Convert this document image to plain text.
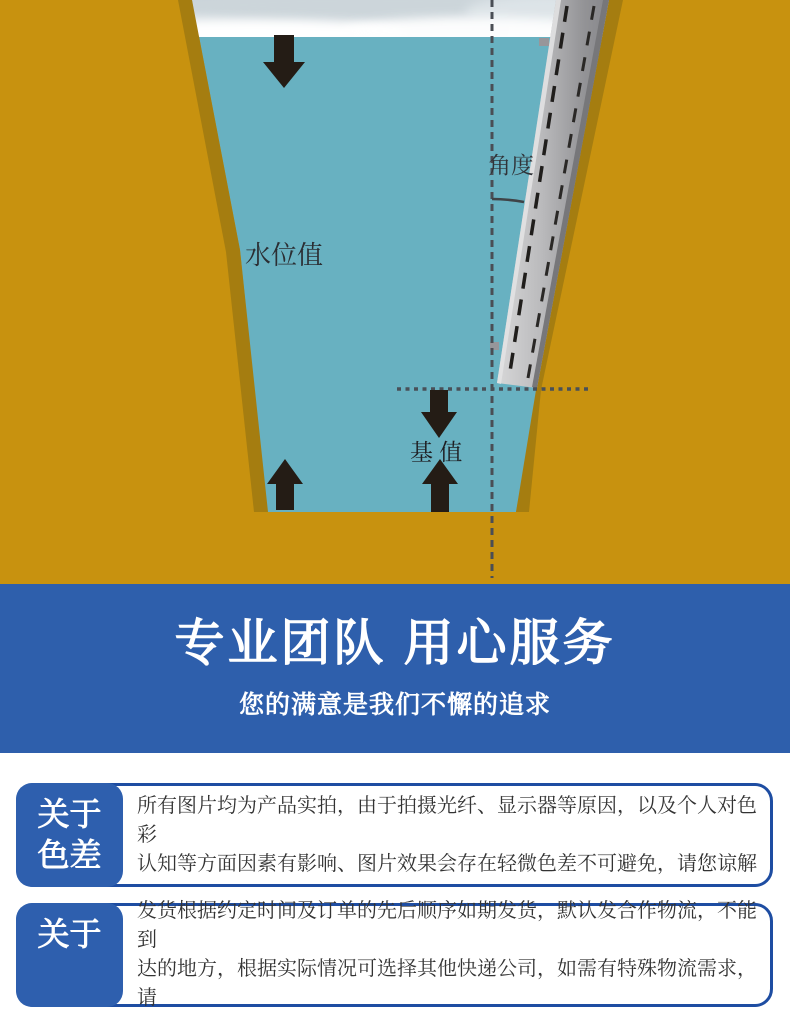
水位值
角度
基 值
专业团队 用心服务
您的满意是我们不懈的追求
关于
色差
所有图片均为产品实拍，由于拍摄光纤、显示器等原因，以及个人对色彩
认知等方面因素有影响、图片效果会存在轻微色差不可避免，请您谅解
关于
发货根据约定时间及订单的先后顺序如期发货，默认发合作物流，不能到
达的地方，根据实际情况可选择其他快递公司，如需有特殊物流需求，请
